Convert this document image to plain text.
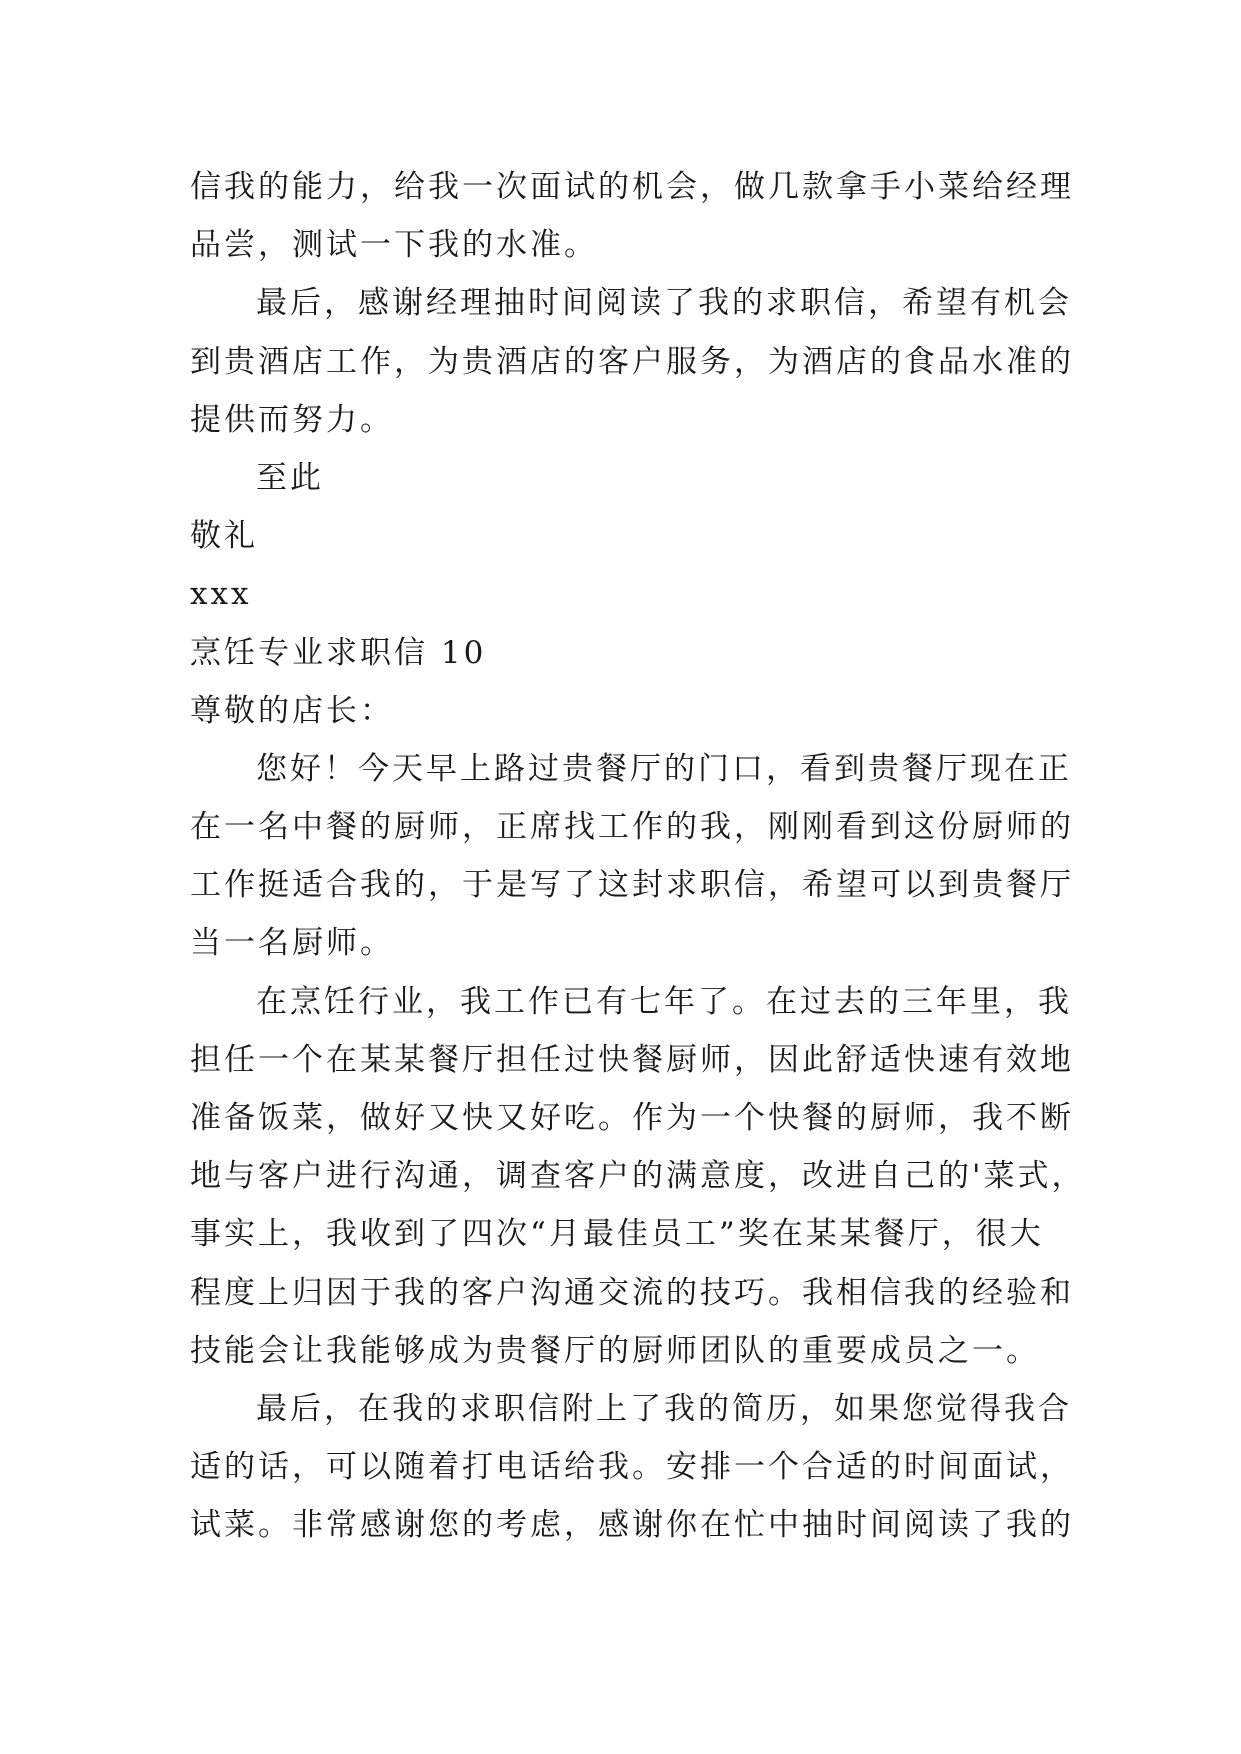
信我的能力，给我一次面试的机会，做几款拿手小菜给经理
品尝，测试一下我的水准。
最后，感谢经理抽时间阅读了我的求职信，希望有机会
到贵酒店工作，为贵酒店的客户服务，为酒店的食品水准的
提供而努力。
至此
敬礼
xxx
烹饪专业求职信 10
尊敬的店长：
您好！今天早上路过贵餐厅的门口，看到贵餐厅现在正
在一名中餐的厨师，正席找工作的我，刚刚看到这份厨师的
工作挺适合我的，于是写了这封求职信，希望可以到贵餐厅
当一名厨师。
在烹饪行业，我工作已有七年了。在过去的三年里，我
担任一个在某某餐厅担任过快餐厨师，因此舒适快速有效地
准备饭菜，做好又快又好吃。作为一个快餐的厨师，我不断
地与客户进行沟通，调查客户的满意度，改进自己的'菜式，
事实上，我收到了四次“月最佳员工”奖在某某餐厅，很大
程度上归因于我的客户沟通交流的技巧。我相信我的经验和
技能会让我能够成为贵餐厅的厨师团队的重要成员之一。
最后，在我的求职信附上了我的简历，如果您觉得我合
适的话，可以随着打电话给我。安排一个合适的时间面试，
试菜。非常感谢您的考虑，感谢你在忙中抽时间阅读了我的
